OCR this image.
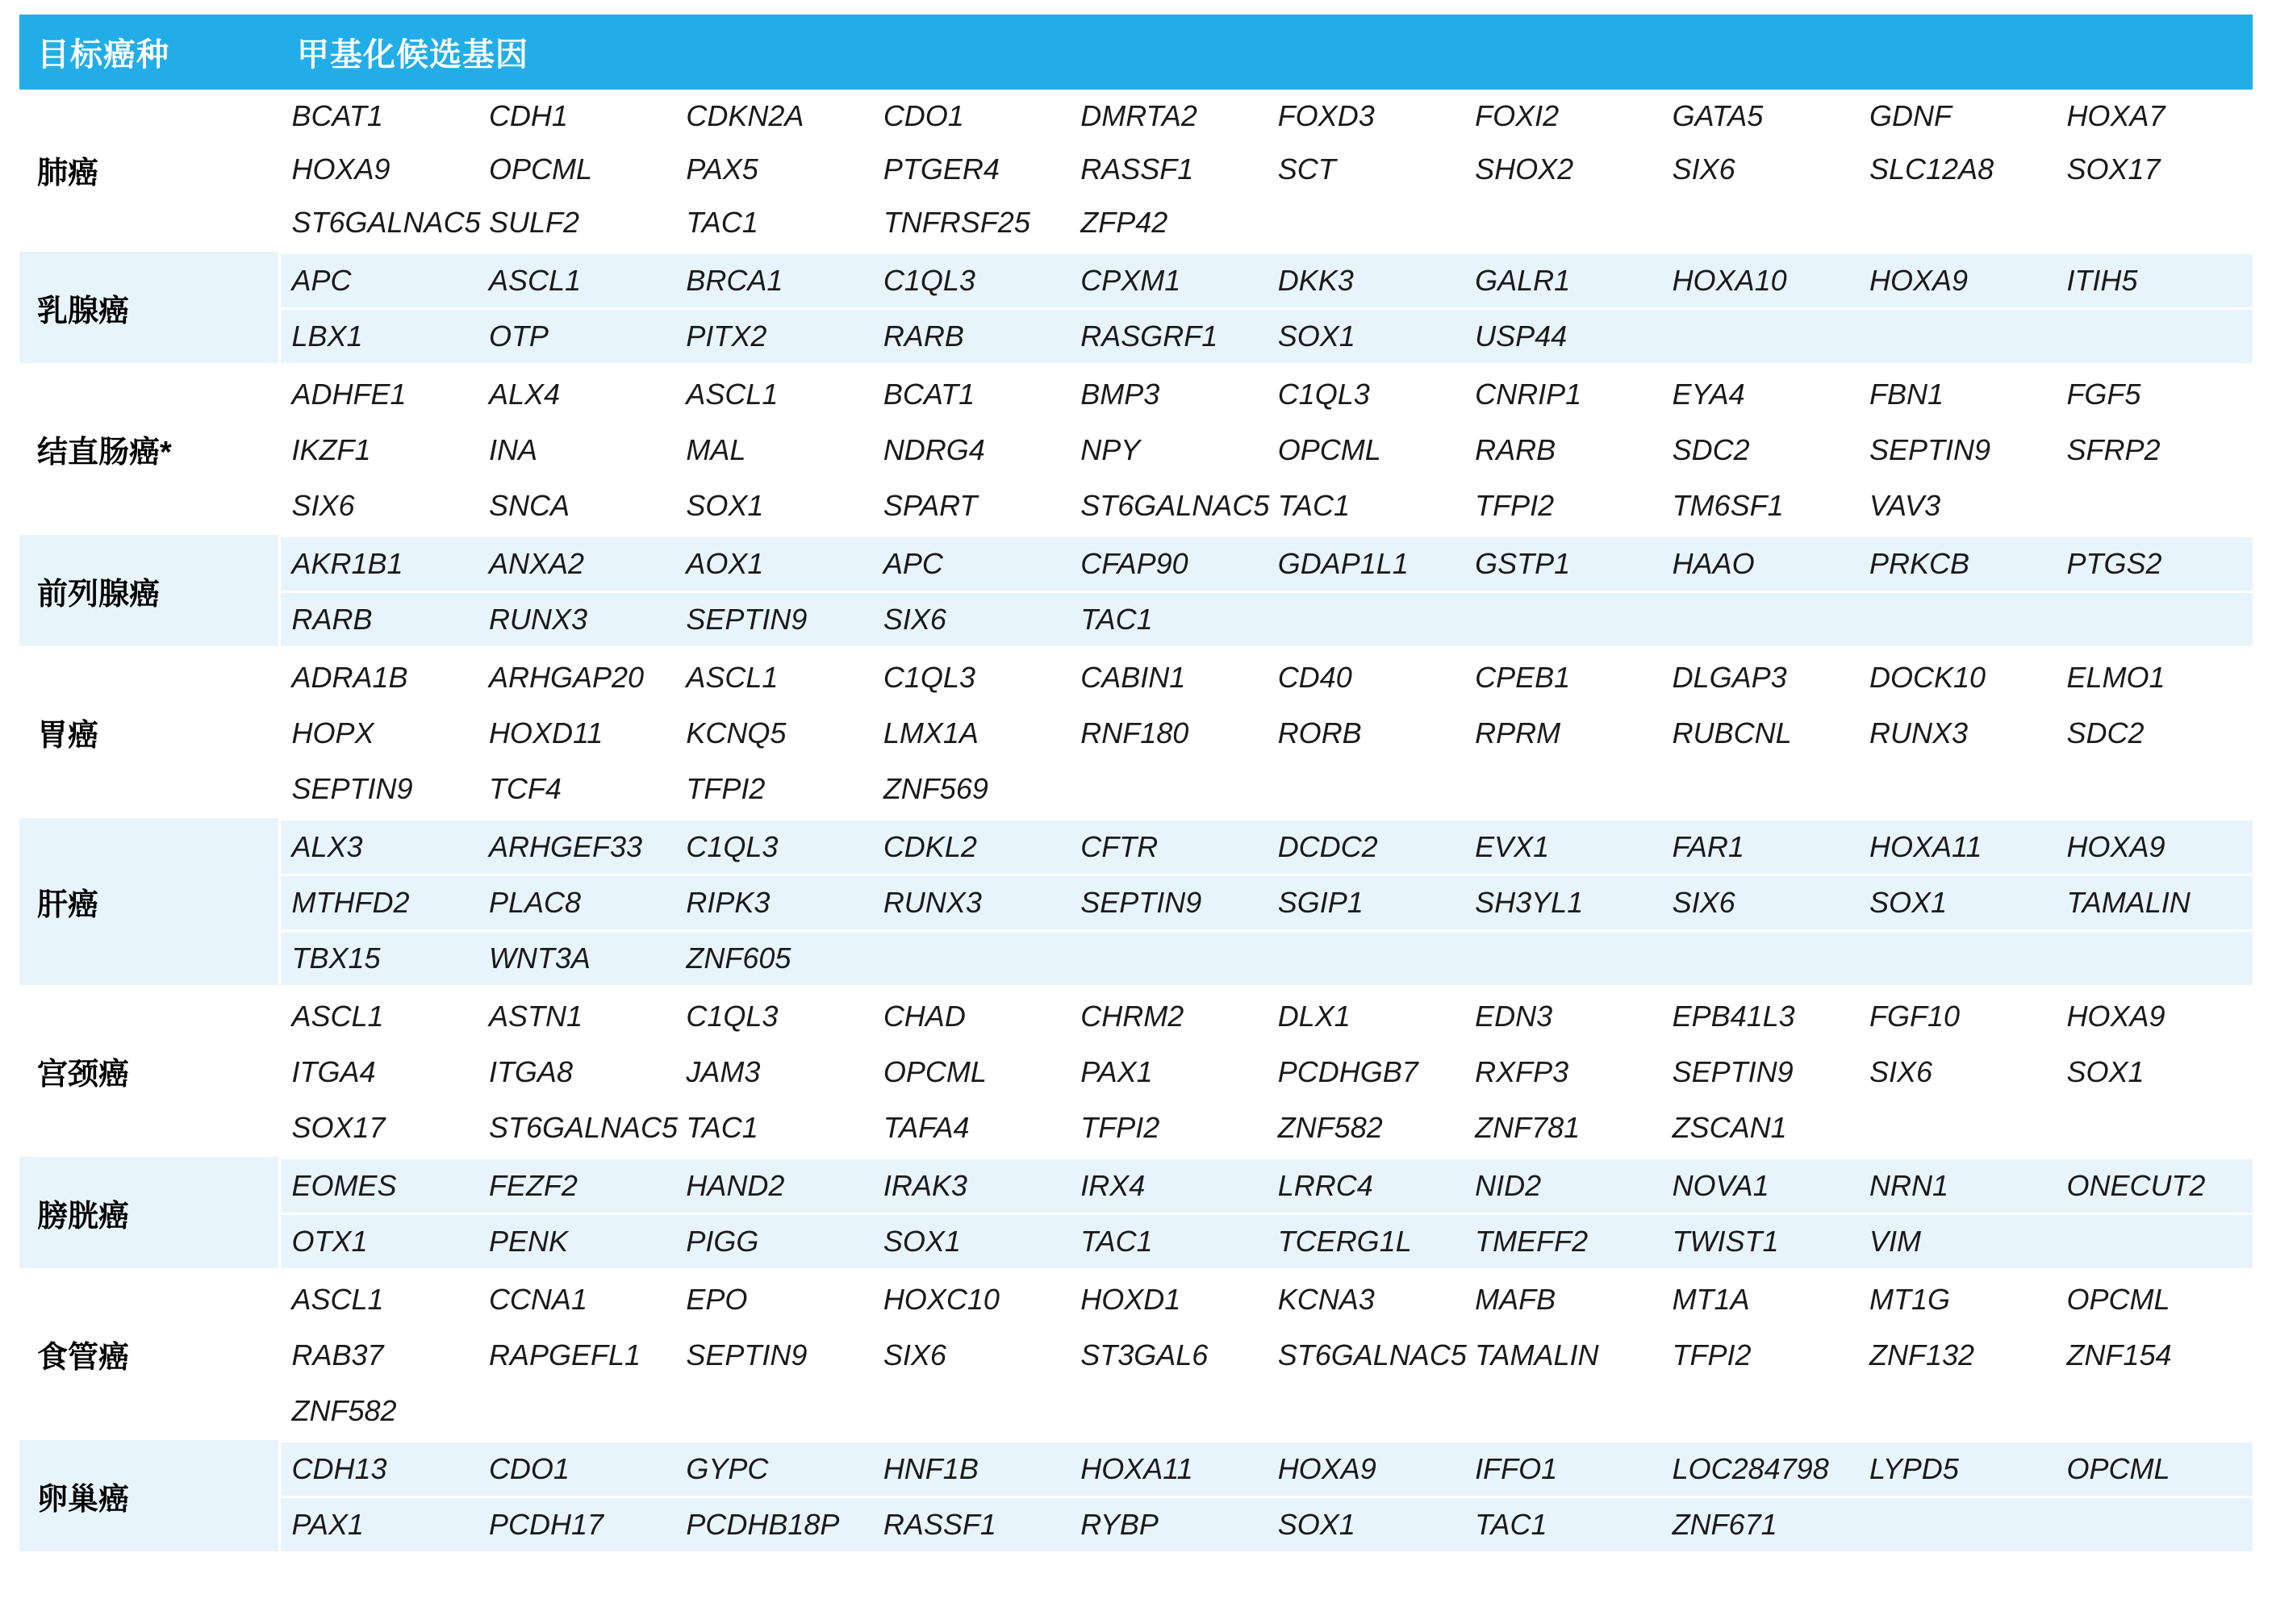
目标癌种	甲基化候选基因
肺癌	
BCAT1	CDH1	CDKN2A	CDO1	DMRTA2	FOXD3	FOXI2	GATA5	GDNF	HOXA7
HOXA9	OPCML	PAX5	PTGER4	RASSF1	SCT	SHOX2	SIX6	SLC12A8	SOX17
ST6GALNAC5	SULF2	TAC1	TNFRSF25	ZFP42					

乳腺癌	
APC	ASCL1	BRCA1	C1QL3	CPXM1	DKK3	GALR1	HOXA10	HOXA9	ITIH5
LBX1	OTP	PITX2	RARB	RASGRF1	SOX1	USP44			

结直肠癌*	
ADHFE1	ALX4	ASCL1	BCAT1	BMP3	C1QL3	CNRIP1	EYA4	FBN1	FGF5
IKZF1	INA	MAL	NDRG4	NPY	OPCML	RARB	SDC2	SEPTIN9	SFRP2
SIX6	SNCA	SOX1	SPART	ST6GALNAC5	TAC1	TFPI2	TM6SF1	VAV3	

前列腺癌	
AKR1B1	ANXA2	AOX1	APC	CFAP90	GDAP1L1	GSTP1	HAAO	PRKCB	PTGS2
RARB	RUNX3	SEPTIN9	SIX6	TAC1					

胃癌	
ADRA1B	ARHGAP20	ASCL1	C1QL3	CABIN1	CD40	CPEB1	DLGAP3	DOCK10	ELMO1
HOPX	HOXD11	KCNQ5	LMX1A	RNF180	RORB	RPRM	RUBCNL	RUNX3	SDC2
SEPTIN9	TCF4	TFPI2	ZNF569						

肝癌	
ALX3	ARHGEF33	C1QL3	CDKL2	CFTR	DCDC2	EVX1	FAR1	HOXA11	HOXA9
MTHFD2	PLAC8	RIPK3	RUNX3	SEPTIN9	SGIP1	SH3YL1	SIX6	SOX1	TAMALIN
TBX15	WNT3A	ZNF605							

宫颈癌	
ASCL1	ASTN1	C1QL3	CHAD	CHRM2	DLX1	EDN3	EPB41L3	FGF10	HOXA9
ITGA4	ITGA8	JAM3	OPCML	PAX1	PCDHGB7	RXFP3	SEPTIN9	SIX6	SOX1
SOX17	ST6GALNAC5	TAC1	TAFA4	TFPI2	ZNF582	ZNF781	ZSCAN1		

膀胱癌	
EOMES	FEZF2	HAND2	IRAK3	IRX4	LRRC4	NID2	NOVA1	NRN1	ONECUT2
OTX1	PENK	PIGG	SOX1	TAC1	TCERG1L	TMEFF2	TWIST1	VIM	

食管癌	
ASCL1	CCNA1	EPO	HOXC10	HOXD1	KCNA3	MAFB	MT1A	MT1G	OPCML
RAB37	RAPGEFL1	SEPTIN9	SIX6	ST3GAL6	ST6GALNAC5	TAMALIN	TFPI2	ZNF132	ZNF154
ZNF582									

卵巢癌	
CDH13	CDO1	GYPC	HNF1B	HOXA11	HOXA9	IFFO1	LOC284798	LYPD5	OPCML
PAX1	PCDH17	PCDHB18P	RASSF1	RYBP	SOX1	TAC1	ZNF671		
